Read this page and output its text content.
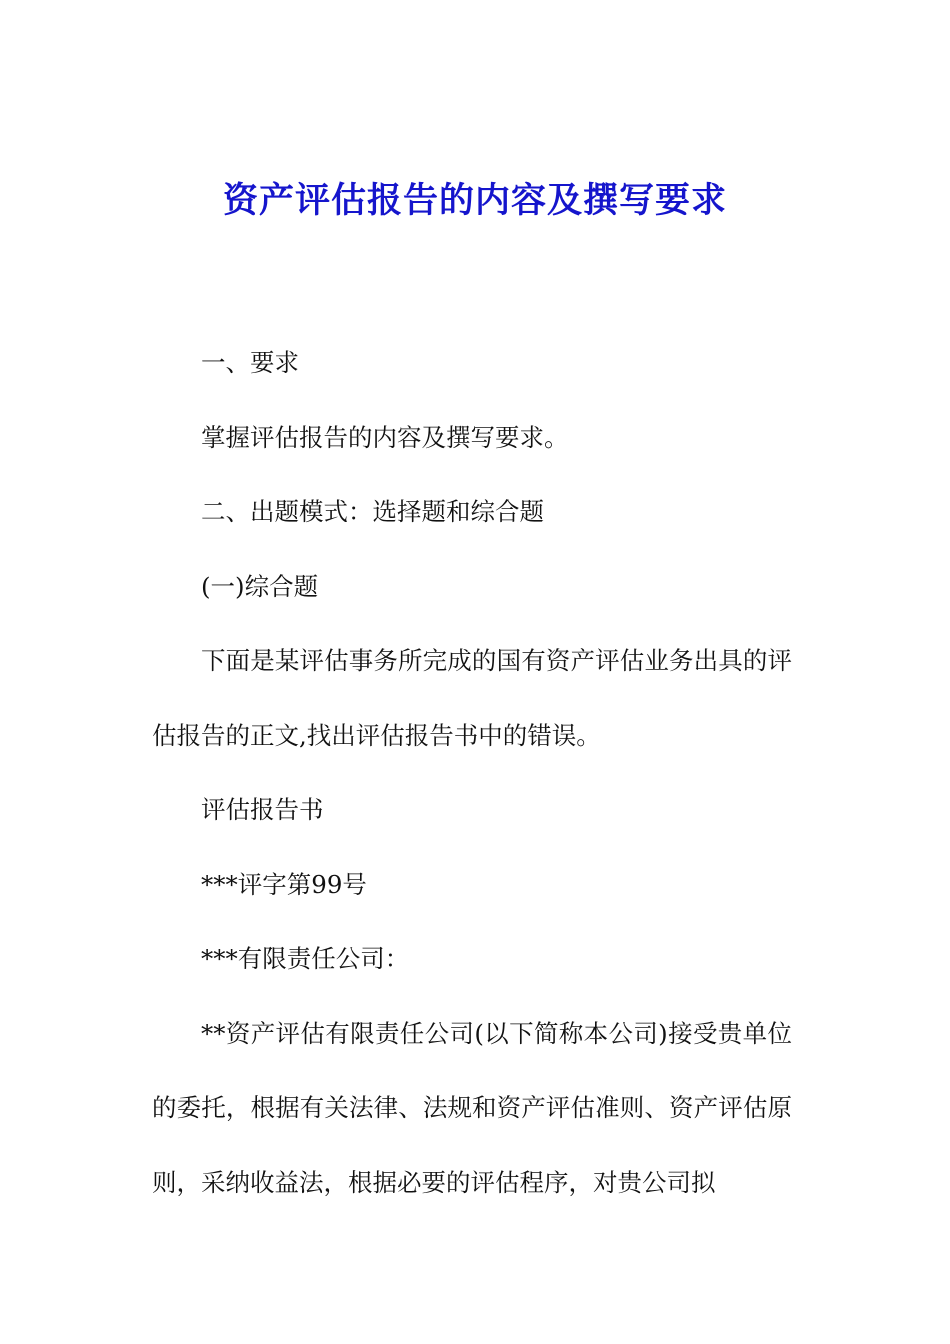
资产评估报告的内容及撰写要求

一、要求

掌握评估报告的内容及撰写要求。

二、出题模式：选择题和综合题

(一)综合题

下面是某评估事务所完成的国有资产评估业务出具的评估报告的正文,找出评估报告书中的错误。

评估报告书

***评字第99号

***有限责任公司：

**资产评估有限责任公司(以下简称本公司)接受贵单位的委托，根据有关法律、法规和资产评估准则、资产评估原则，采纳收益法，根据必要的评估程序，对贵公司拟
